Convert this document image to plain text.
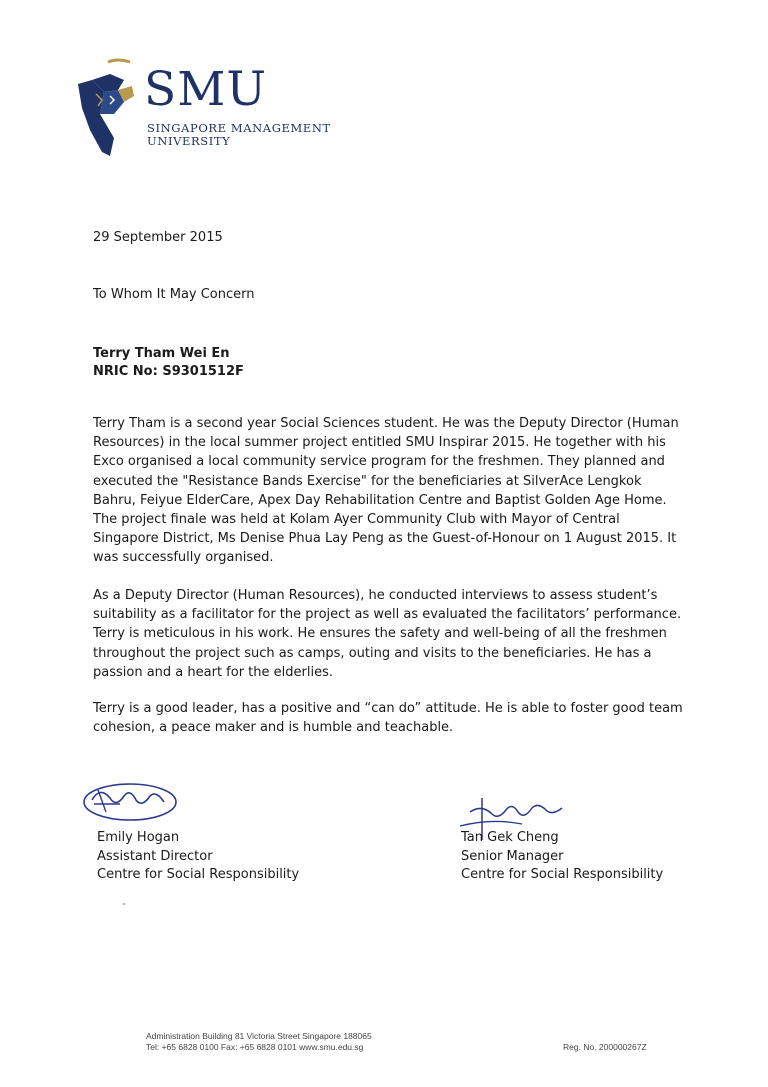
SMU
SINGAPORE MANAGEMENT
UNIVERSITY
29 September 2015
To Whom It May Concern
Terry Tham Wei En
NRIC No: S9301512F

Terry Tham is a second year Social Sciences student. He was the Deputy Director (Human Resources) in the local summer project entitled SMU Inspirar 2015. He together with his Exco organised a local community service program for the freshmen. They planned and executed the "Resistance Bands Exercise" for the beneficiaries at SilverAce Lengkok Bahru, Feiyue ElderCare, Apex Day Rehabilitation Centre and Baptist Golden Age Home. The project finale was held at Kolam Ayer Community Club with Mayor of Central Singapore District, Ms Denise Phua Lay Peng as the Guest-of-Honour on 1 August 2015. It was successfully organised.

As a Deputy Director (Human Resources), he conducted interviews to assess student’s suitability as a facilitator for the project as well as evaluated the facilitators’ performance. Terry is meticulous in his work. He ensures the safety and well-being of all the freshmen throughout the project such as camps, outing and visits to the beneficiaries. He has a passion and a heart for the elderlies.

Terry is a good leader, has a positive and “can do” attitude. He is able to foster good team cohesion, a peace maker and is humble and teachable.

Emily Hogan
Assistant Director
Centre for Social Responsibility
Tan Gek Cheng
Senior Manager
Centre for Social Responsibility
Administration Building 81 Victoria Street Singapore 188065
Tel: +65 6828 0100 Fax: +65 6828 0101 www.smu.edu.sg	Reg. No. 200000267Z
